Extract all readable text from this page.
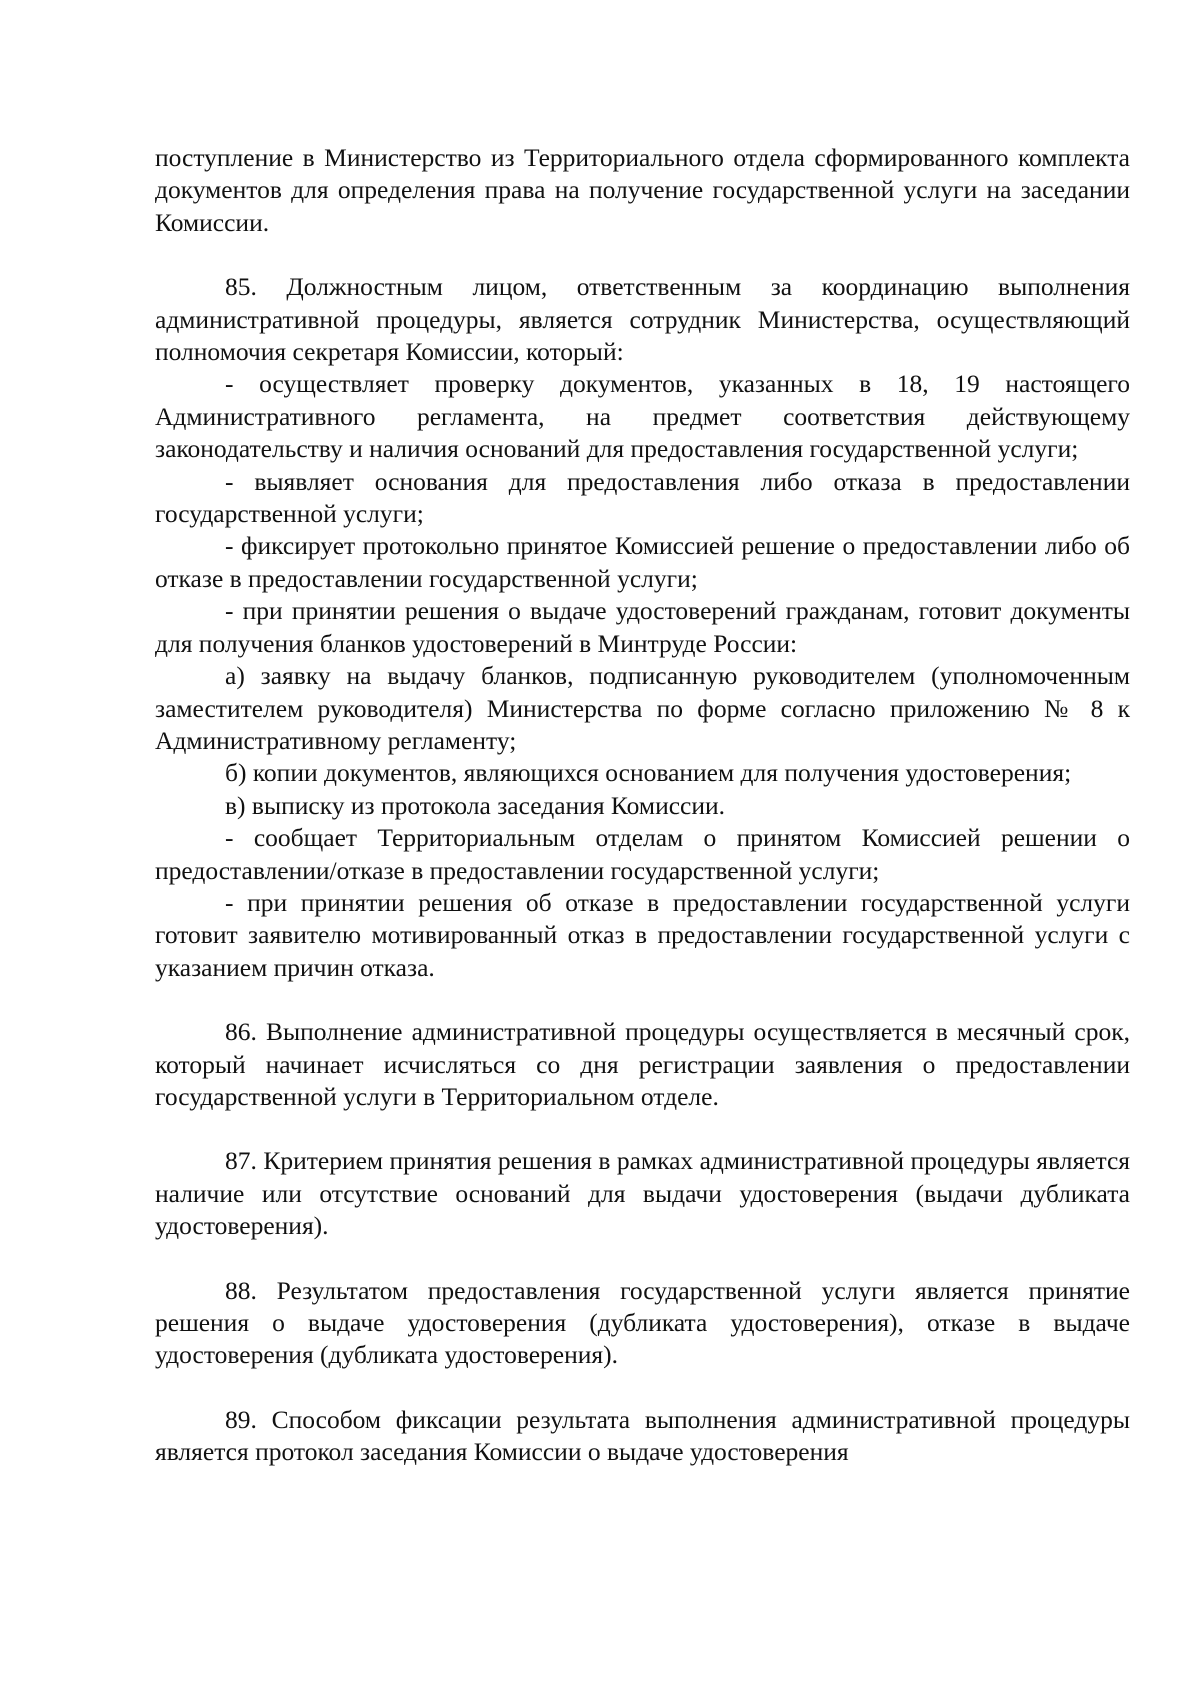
поступление в Министерство из Территориального отдела сформированного комплекта документов для определения права на получение государственной услуги на заседании Комиссии.

85. Должностным лицом, ответственным за координацию выполнения административной процедуры, является сотрудник Министерства, осуществляющий полномочия секретаря Комиссии, который:

- осуществляет проверку документов, указанных в 18, 19 настоящего Административного регламента, на предмет соответствия действующему законодательству и наличия оснований для предоставления государственной услуги;

- выявляет основания для предоставления либо отказа в предоставлении государственной услуги;

- фиксирует протокольно принятое Комиссией решение о предоставлении либо об отказе в предоставлении государственной услуги;

- при принятии решения о выдаче удостоверений гражданам, готовит документы для получения бланков удостоверений в Минтруде России:

а) заявку на выдачу бланков, подписанную руководителем (уполномоченным заместителем руководителя) Министерства по форме согласно приложению № 8 к Административному регламенту;

б) копии документов, являющихся основанием для получения удостоверения;

в) выписку из протокола заседания Комиссии.

- сообщает Территориальным отделам о принятом Комиссией решении о предоставлении/отказе в предоставлении государственной услуги;

- при принятии решения об отказе в предоставлении государственной услуги готовит заявителю мотивированный отказ в предоставлении государственной услуги с указанием причин отказа.

86. Выполнение административной процедуры осуществляется в месячный срок, который начинает исчисляться со дня регистрации заявления о предоставлении государственной услуги в Территориальном отделе.

87. Критерием принятия решения в рамках административной процедуры является наличие или отсутствие оснований для выдачи удостоверения (выдачи дубликата удостоверения).

88. Результатом предоставления государственной услуги является принятие решения о выдаче удостоверения (дубликата удостоверения), отказе в выдаче удостоверения (дубликата удостоверения).

89. Способом фиксации результата выполнения административной процедуры является протокол заседания Комиссии о выдаче удостоверения
